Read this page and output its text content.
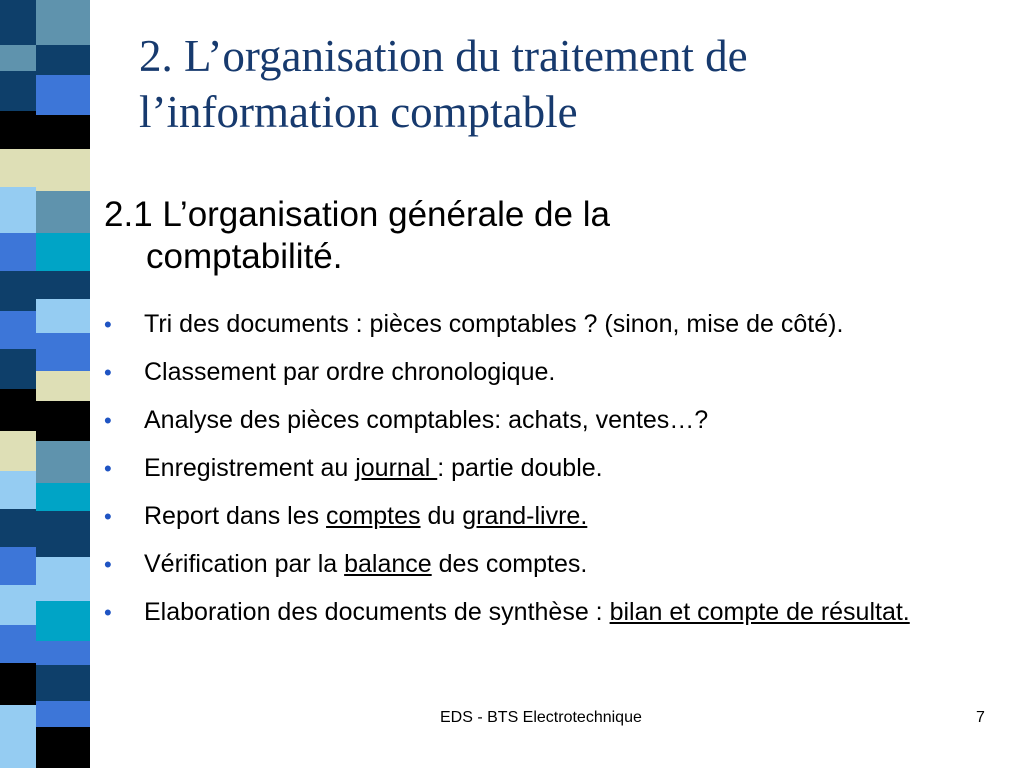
2. L’organisation du traitement de
l’information comptable
2.1 L’organisation générale de la
comptabilité.
• Tri des documents : pièces comptables ? (sinon, mise de côté).
• Classement par ordre chronologique.
• Analyse des pièces comptables: achats, ventes…?
• Enregistrement au journal : partie double.
• Report dans les comptes du grand-livre.
• Vérification par la balance des comptes.
• Elaboration des documents de synthèse : bilan et compte de résultat.
EDS - BTS Electrotechnique	7
